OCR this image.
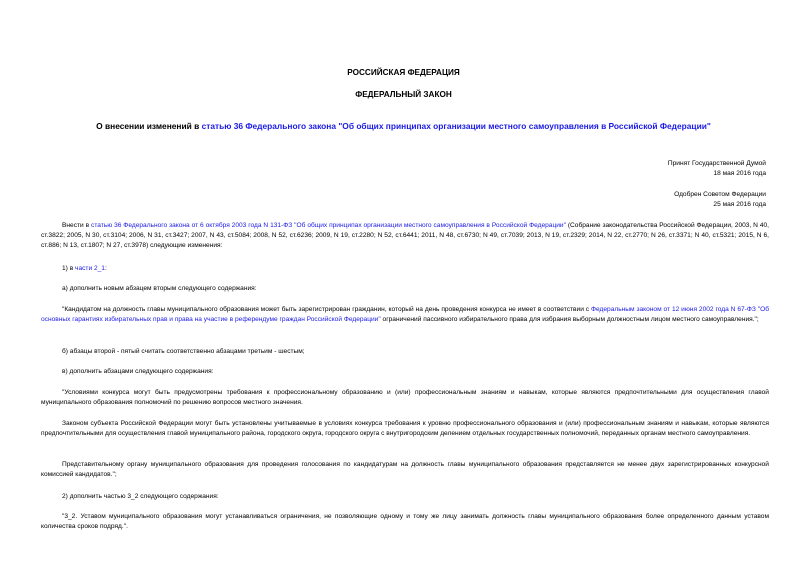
РОССИЙСКАЯ ФЕДЕРАЦИЯ
ФЕДЕРАЛЬНЫЙ ЗАКОН
О внесении изменений в статью 36 Федерального закона "Об общих принципах организации местного самоуправления в Российской Федерации"
Принят Государственной Думой
18 мая 2016 года
Одобрен Советом Федерации
25 мая 2016 года
Внести в статью 36 Федерального закона от 6 октября 2003 года N 131-ФЗ "Об общих принципах организации местного самоуправления в Российской Федерации" (Собрание законодательства Российской Федерации, 2003, N 40, ст.3822; 2005, N 30, ст.3104; 2006, N 31, ст.3427; 2007, N 43, ст.5084; 2008, N 52, ст.6236; 2009, N 19, ст.2280; N 52, ст.6441; 2011, N 48, ст.6730; N 49, ст.7039; 2013, N 19, ст.2329; 2014, N 22, ст.2770; N 26, ст.3371; N 40, ст.5321; 2015, N 6, ст.886; N 13, ст.1807; N 27, ст.3978) следующие изменения:
1) в части 2_1:
а) дополнить новым абзацем вторым следующего содержания:
"Кандидатом на должность главы муниципального образования может быть зарегистрирован гражданин, который на день проведения конкурса не имеет в соответствии с Федеральным законом от 12 июня 2002 года N 67-ФЗ "Об основных гарантиях избирательных прав и права на участие в референдуме граждан Российской Федерации" ограничений пассивного избирательного права для избрания выборным должностным лицом местного самоуправления.";
б) абзацы второй - пятый считать соответственно абзацами третьим - шестым;
в) дополнить абзацами следующего содержания:
"Условиями конкурса могут быть предусмотрены требования к профессиональному образованию и (или) профессиональным знаниям и навыкам, которые являются предпочтительными для осуществления главой муниципального образования полномочий по решению вопросов местного значения.
Законом субъекта Российской Федерации могут быть установлены учитываемые в условиях конкурса требования к уровню профессионального образования и (или) профессиональным знаниям и навыкам, которые являются предпочтительными для осуществления главой муниципального района, городского округа, городского округа с внутригородским делением отдельных государственных полномочий, переданных органам местного самоуправления.
Представительному органу муниципального образования для проведения голосования по кандидатурам на должность главы муниципального образования представляется не менее двух зарегистрированных конкурсной комиссией кандидатов.";
2) дополнить частью 3_2 следующего содержания:
"3_2. Уставом муниципального образования могут устанавливаться ограничения, не позволяющие одному и тому же лицу занимать должность главы муниципального образования более определенного данным уставом количества сроков подряд.".
